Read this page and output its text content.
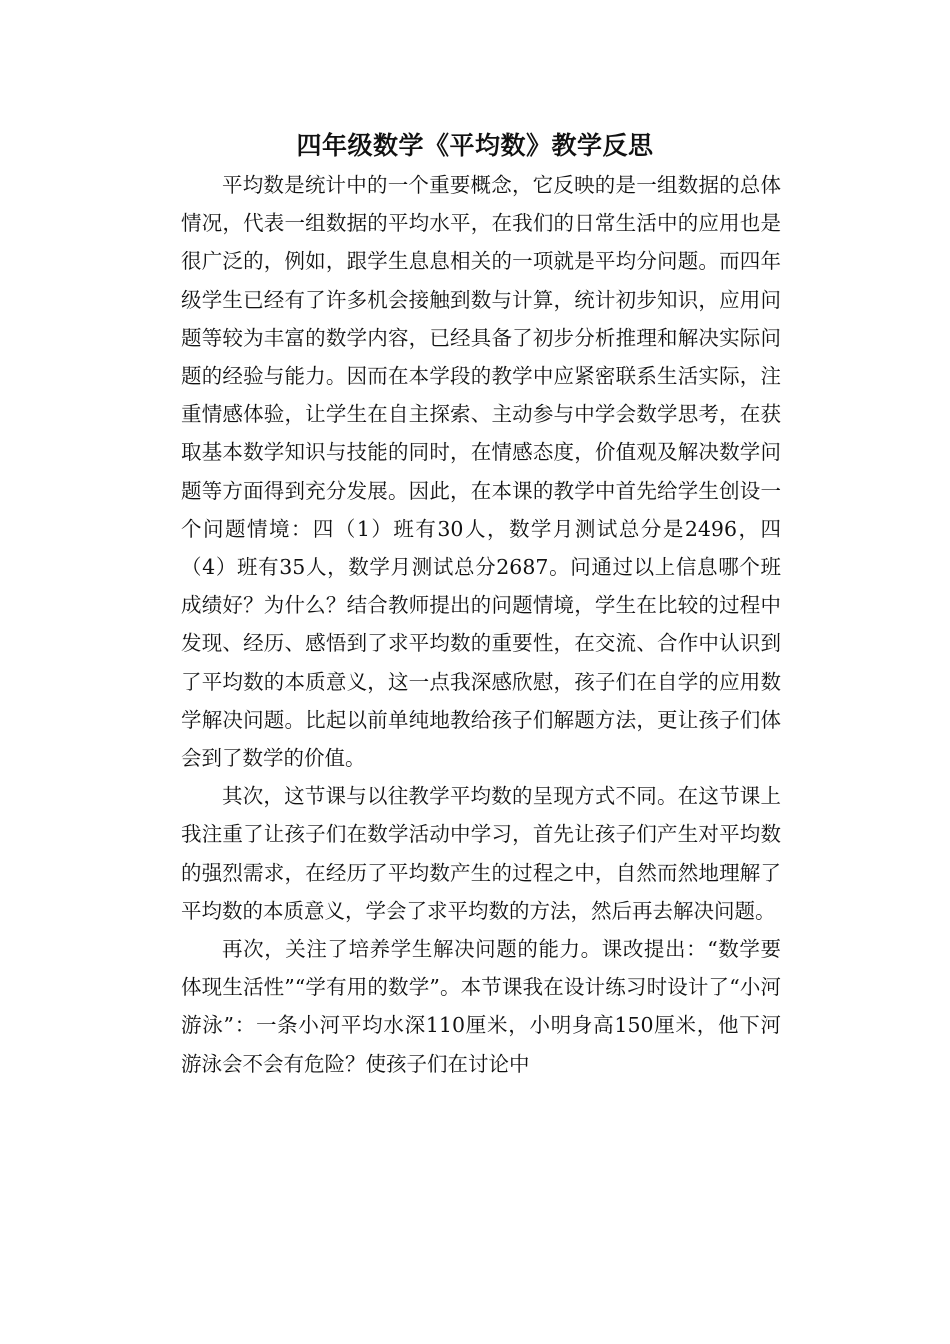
四年级数学《平均数》教学反思

平均数是统计中的一个重要概念，它反映的是一组数据的总体情况，代表一组数据的平均水平，在我们的日常生活中的应用也是很广泛的，例如，跟学生息息相关的一项就是平均分问题。而四年级学生已经有了许多机会接触到数与计算，统计初步知识，应用问题等较为丰富的数学内容，已经具备了初步分析推理和解决实际问题的经验与能力。因而在本学段的教学中应紧密联系生活实际，注重情感体验，让学生在自主探索、主动参与中学会数学思考，在获取基本数学知识与技能的同时，在情感态度，价值观及解决数学问题等方面得到充分发展。因此，在本课的教学中首先给学生创设一个问题情境：四（1）班有30人，数学月测试总分是2496，四（4）班有35人，数学月测试总分2687。问通过以上信息哪个班成绩好？为什么？结合教师提出的问题情境，学生在比较的过程中发现、经历、感悟到了求平均数的重要性，在交流、合作中认识到了平均数的本质意义，这一点我深感欣慰，孩子们在自学的应用数学解决问题。比起以前单纯地教给孩子们解题方法，更让孩子们体会到了数学的价值。

其次，这节课与以往教学平均数的呈现方式不同。在这节课上我注重了让孩子们在数学活动中学习，首先让孩子们产生对平均数的强烈需求，在经历了平均数产生的过程之中，自然而然地理解了平均数的本质意义，学会了求平均数的方法，然后再去解决问题。

再次，关注了培养学生解决问题的能力。课改提出：“数学要体现生活性”“学有用的数学”。本节课我在设计练习时设计了“小河游泳”：一条小河平均水深110厘米，小明身高150厘米，他下河游泳会不会有危险？使孩子们在讨论中
